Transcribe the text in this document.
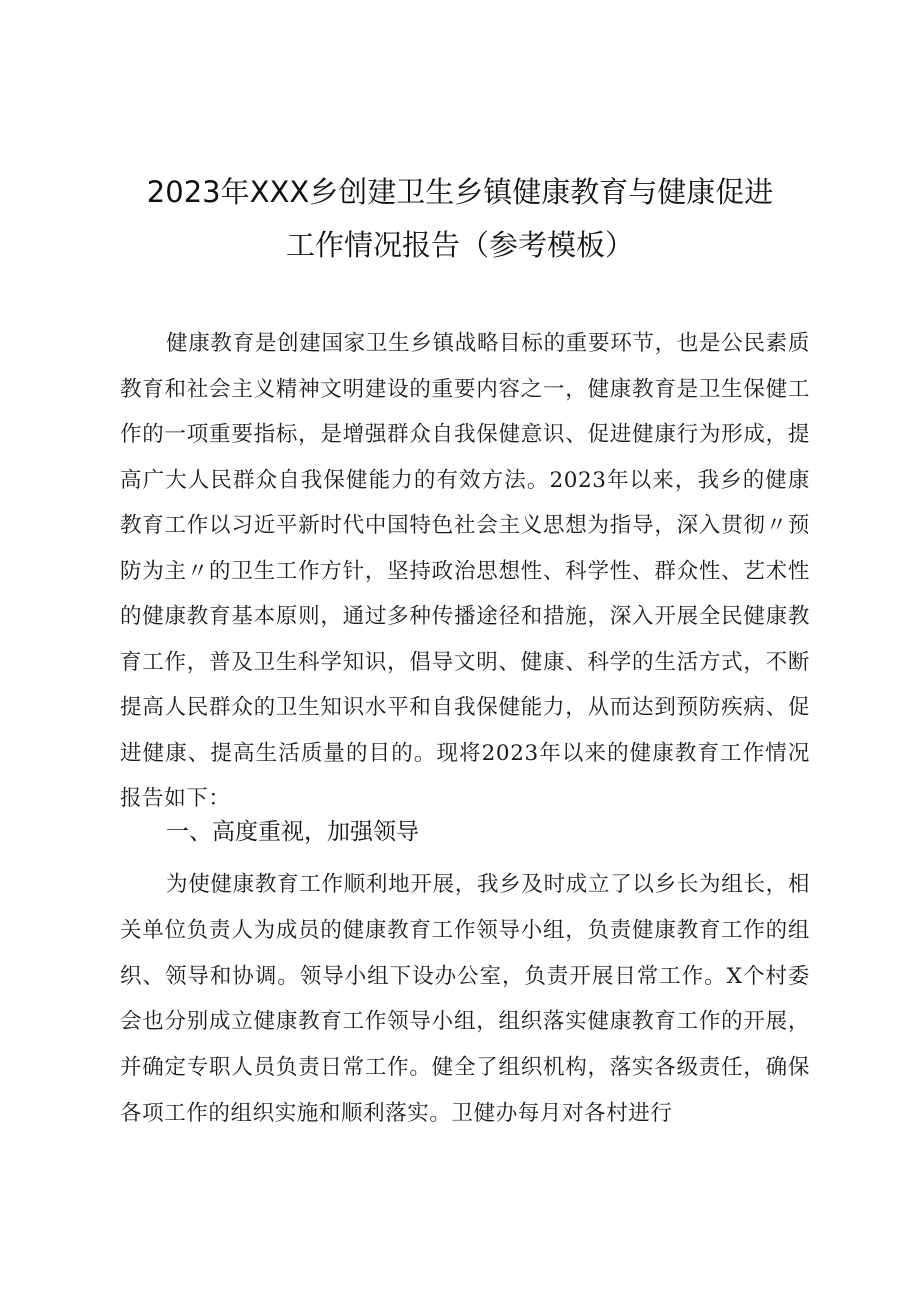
2023年XXX乡创建卫生乡镇健康教育与健康促进
工作情况报告（参考模板）
健康教育是创建国家卫生乡镇战略目标的重要环节，也是公民素质教育和社会主义精神文明建设的重要内容之一，健康教育是卫生保健工作的一项重要指标，是增强群众自我保健意识、促进健康行为形成，提高广大人民群众自我保健能力的有效方法。2023年以来，我乡的健康教育工作以习近平新时代中国特色社会主义思想为指导，深入贯彻〃预防为主〃的卫生工作方针，坚持政治思想性、科学性、群众性、艺术性的健康教育基本原则，通过多种传播途径和措施，深入开展全民健康教育工作，普及卫生科学知识，倡导文明、健康、科学的生活方式，不断提高人民群众的卫生知识水平和自我保健能力，从而达到预防疾病、促进健康、提高生活质量的目的。现将2023年以来的健康教育工作情况报告如下：
一、高度重视，加强领导
为使健康教育工作顺利地开展，我乡及时成立了以乡长为组长，相关单位负责人为成员的健康教育工作领导小组，负责健康教育工作的组织、领导和协调。领导小组下设办公室，负责开展日常工作。X个村委会也分别成立健康教育工作领导小组，组织落实健康教育工作的开展，并确定专职人员负责日常工作。健全了组织机构，落实各级责任，确保各项工作的组织实施和顺利落实。卫健办每月对各村进行
